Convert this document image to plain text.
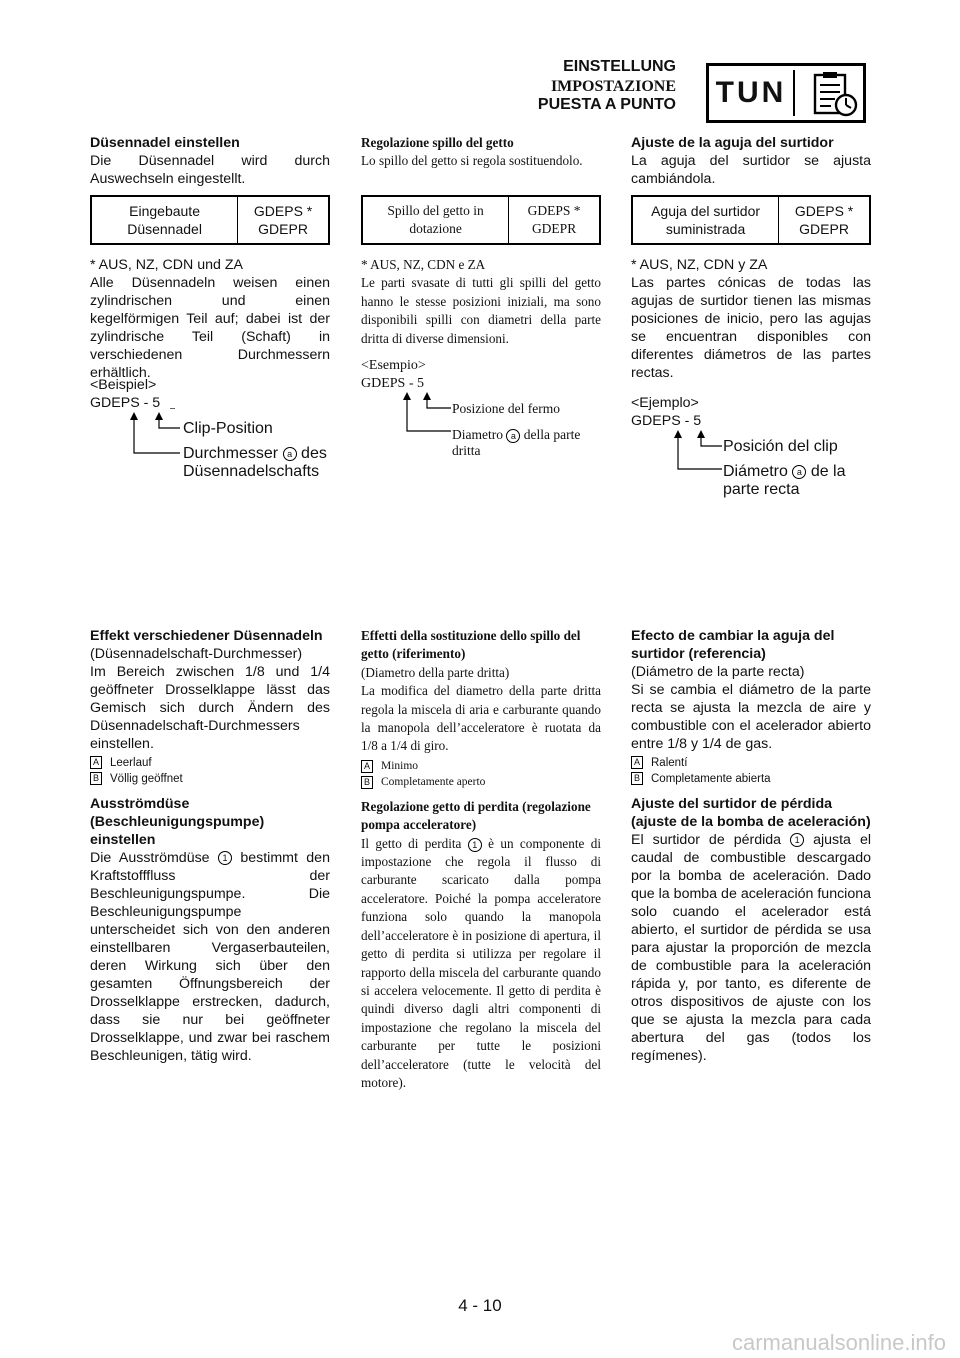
EINSTELLUNG
IMPOSTAZIONE
PUESTA A PUNTO TUN

Düsennadel einstellen

Die Düsennadel wird durch Auswechseln eingestellt.

Eingebaute Düsennadel
GDEPS * GDEPR

* AUS, NZ, CDN und ZA

Alle Düsennadeln weisen einen zylindrischen und einen kegelförmigen Teil auf; dabei ist der zylindrische Teil (Schaft) in verschiedenen Durchmessern erhältlich.

<Beispiel>

GDEPS - 5

Clip-Position
Durchmesser a des Düsennadelschafts

Effekt verschiedener Düsennadeln

(Düsennadelschaft-Durchmesser)

Im Bereich zwischen 1/8 und 1/4 geöffneter Drosselklappe lässt das Gemisch sich durch Ändern des Düsennadelschaft-Durchmessers einstellen.

A Leerlauf
B Völlig geöffnet

Ausströmdüse (Beschleunigungspumpe) einstellen

Die Ausströmdüse 1 bestimmt den Kraftstofffluss der Beschleunigungspumpe. Die Beschleunigungspumpe unterscheidet sich von den anderen einstellbaren Vergaserbauteilen, deren Wirkung sich über den gesamten Öffnungsbereich der Drosselklappe erstrecken, dadurch, dass sie nur bei geöffneter Drosselklappe, und zwar bei raschem Beschleunigen, tätig wird.

Regolazione spillo del getto

Lo spillo del getto si regola sostituendolo.

Spillo del getto in dotazione
GDEPS * GDEPR

* AUS, NZ, CDN e ZA

Le parti svasate di tutti gli spilli del getto hanno le stesse posizioni iniziali, ma sono disponibili spilli con diametri della parte dritta di diverse dimensioni.

<Esempio>

GDEPS - 5

Posizione del fermo
Diametro a della parte dritta

Effetti della sostituzione dello spillo del getto (riferimento)

(Diametro della parte dritta)

La modifica del diametro della parte dritta regola la miscela di aria e carburante quando la manopola dell’acceleratore è ruotata da 1/8 a 1/4 di giro.

A Minimo
B Completamente aperto

Regolazione getto di perdita (regolazione pompa acceleratore)

Il getto di perdita 1 è un componente di impostazione che regola il flusso di carburante scaricato dalla pompa acceleratore. Poiché la pompa acceleratore funziona solo quando la manopola dell’acceleratore è in posizione di apertura, il getto di perdita si utilizza per regolare il rapporto della miscela del carburante quando si accelera velocemente. Il getto di perdita è quindi diverso dagli altri componenti di impostazione che regolano la miscela del carburante per tutte le posizioni dell’acceleratore (tutte le velocità del motore).

Ajuste de la aguja del surtidor

La aguja del surtidor se ajusta cambiándola.

Aguja del surtidor suministrada
GDEPS * GDEPR

* AUS, NZ, CDN y ZA

Las partes cónicas de todas las agujas de surtidor tienen las mismas posiciones de inicio, pero las agujas se encuentran disponibles con diferentes diámetros de las partes rectas.

<Ejemplo>

GDEPS - 5

Posición del clip
Diámetro a de la parte recta

Efecto de cambiar la aguja del surtidor (referencia)

(Diámetro de la parte recta)

Si se cambia el diámetro de la parte recta se ajusta la mezcla de aire y combustible con el acelerador abierto entre 1/8 y 1/4 de gas.

A Ralentí
B Completamente abierta

Ajuste del surtidor de pérdida (ajuste de la bomba de aceleración)

El surtidor de pérdida 1 ajusta el caudal de combustible descargado por la bomba de aceleración. Dado que la bomba de aceleración funciona solo cuando el acelerador está abierto, el surtidor de pérdida se usa para ajustar la proporción de mezcla de combustible para la aceleración rápida y, por tanto, es diferente de otros dispositivos de ajuste con los que se ajusta la mezcla para cada abertura del gas (todos los regímenes).

4 - 10
carmanualsonline.info
